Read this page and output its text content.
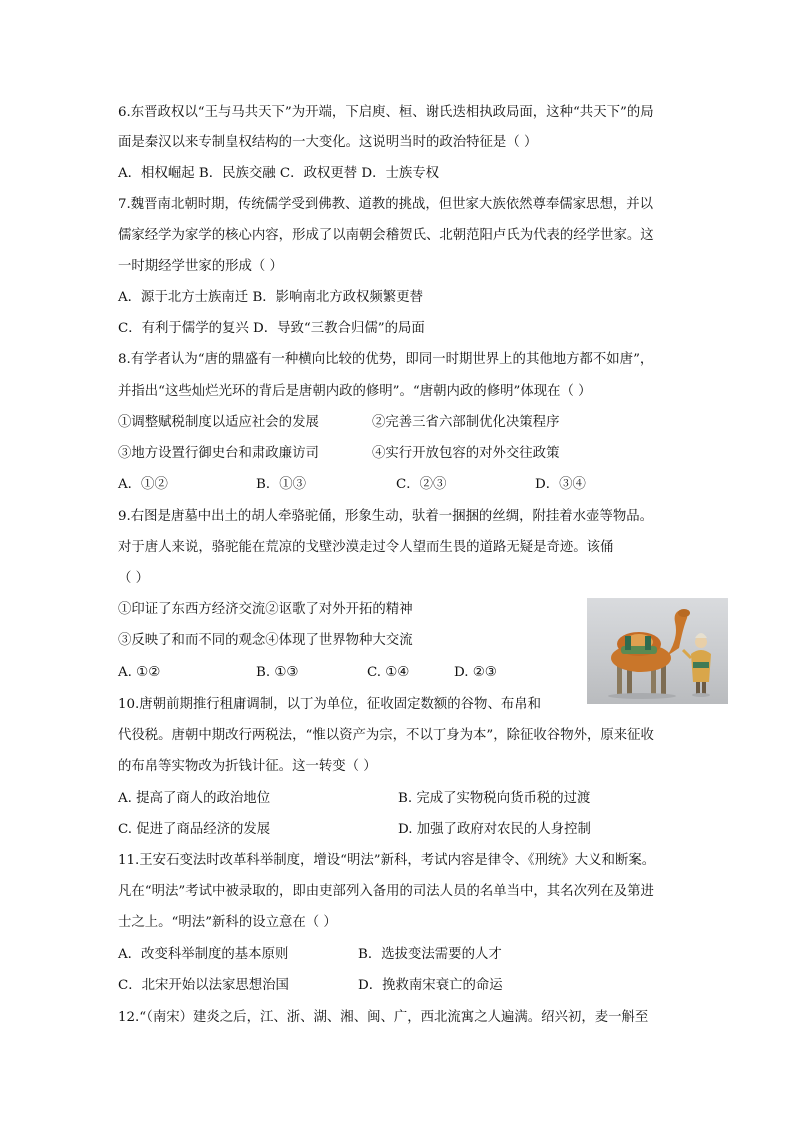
6.东晋政权以“王与马共天下”为开端，下启庾、桓、谢氏迭相执政局面，这种“共天下”的局
面是秦汉以来专制皇权结构的一大变化。这说明当时的政治特征是（ ）
A．相权崛起 B．民族交融 C．政权更替 D．士族专权
7.魏晋南北朝时期，传统儒学受到佛教、道教的挑战，但世家大族依然尊奉儒家思想，并以
儒家经学为家学的核心内容，形成了以南朝会稽贺氏、北朝范阳卢氏为代表的经学世家。这
一时期经学世家的形成（ ）
A．源于北方士族南迁 B．影响南北方政权频繁更替
C．有利于儒学的复兴 D．导致“三教合归儒”的局面
8.有学者认为“唐的鼎盛有一种横向比较的优势，即同一时期世界上的其他地方都不如唐”，
并指出“这些灿烂光环的背后是唐朝内政的修明”。“唐朝内政的修明”体现在（ ）
①调整赋税制度以适应社会的发展	②完善三省六部制优化决策程序
③地方设置行御史台和肃政廉访司	④实行开放包容的对外交往政策
A．①②	B．①③	C．②③	D．③④
9.右图是唐墓中出土的胡人牵骆驼俑，形象生动，驮着一捆捆的丝绸，附挂着水壶等物品。
对于唐人来说，骆驼能在荒凉的戈壁沙漠走过令人望而生畏的道路无疑是奇迹。该俑
（ ）
①印证了东西方经济交流②讴歌了对外开拓的精神
③反映了和而不同的观念④体现了世界物种大交流
A. ①②	B. ①③	C. ①④	D. ②③
10.唐朝前期推行租庸调制，以丁为单位，征收固定数额的谷物、布帛和
代役税。唐朝中期改行两税法，“惟以资产为宗，不以丁身为本”，除征收谷物外，原来征收
的布帛等实物改为折钱计征。这一转变（ ）
A. 提高了商人的政治地位	B. 完成了实物税向货币税的过渡
C. 促进了商品经济的发展	D. 加强了政府对农民的人身控制
11.王安石变法时改革科举制度，增设“明法”新科，考试内容是律令、《刑统》大义和断案。
凡在“明法”考试中被录取的，即由吏部列入备用的司法人员的名单当中，其名次列在及第进
士之上。“明法”新科的设立意在（ ）
A．改变科举制度的基本原则	B．选拔变法需要的人才
C．北宋开始以法家思想治国	D．挽救南宋衰亡的命运
12.“（南宋）建炎之后，江、浙、湖、湘、闽、广，西北流寓之人遍满。绍兴初，麦一斛至
